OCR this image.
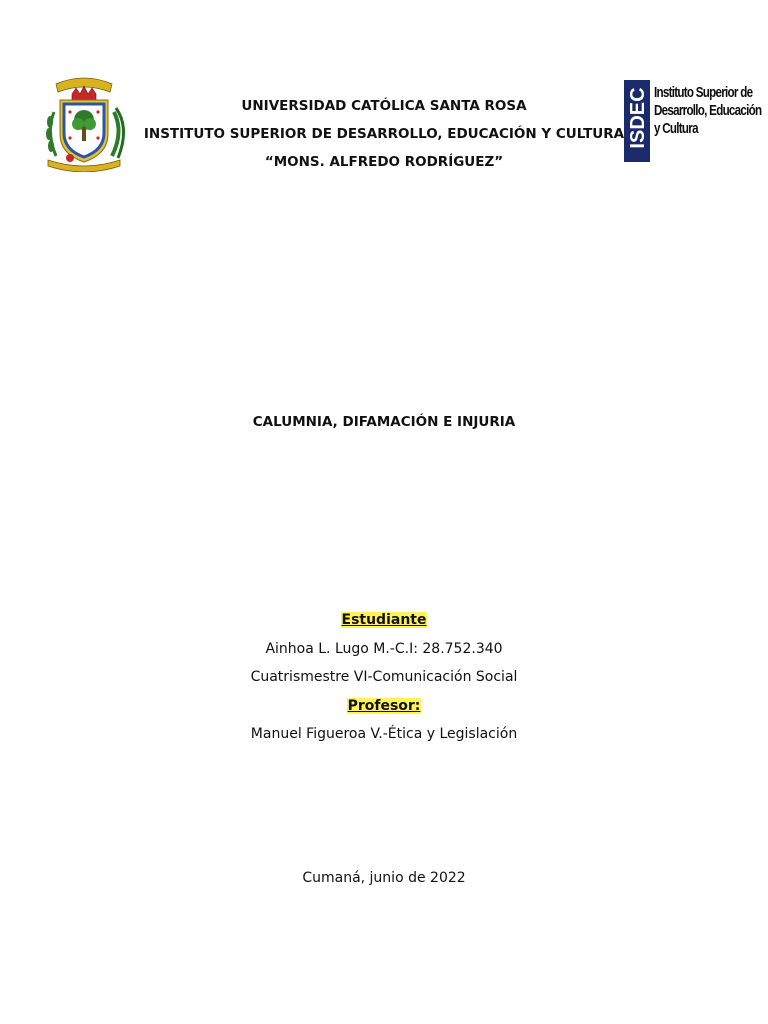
ISDEC Instituto Superior de
Desarrollo, Educación
y Cultura
UNIVERSIDAD CATÓLICA SANTA ROSA
INSTITUTO SUPERIOR DE DESARROLLO, EDUCACIÓN Y CULTURA
“MONS. ALFREDO RODRÍGUEZ”
CALUMNIA, DIFAMACIÓN E INJURIA
Estudiante
Ainhoa L. Lugo M.-C.I: 28.752.340
Cuatrismestre VI-Comunicación Social
Profesor:
Manuel Figueroa V.-Ética y Legislación
Cumaná, junio de 2022
